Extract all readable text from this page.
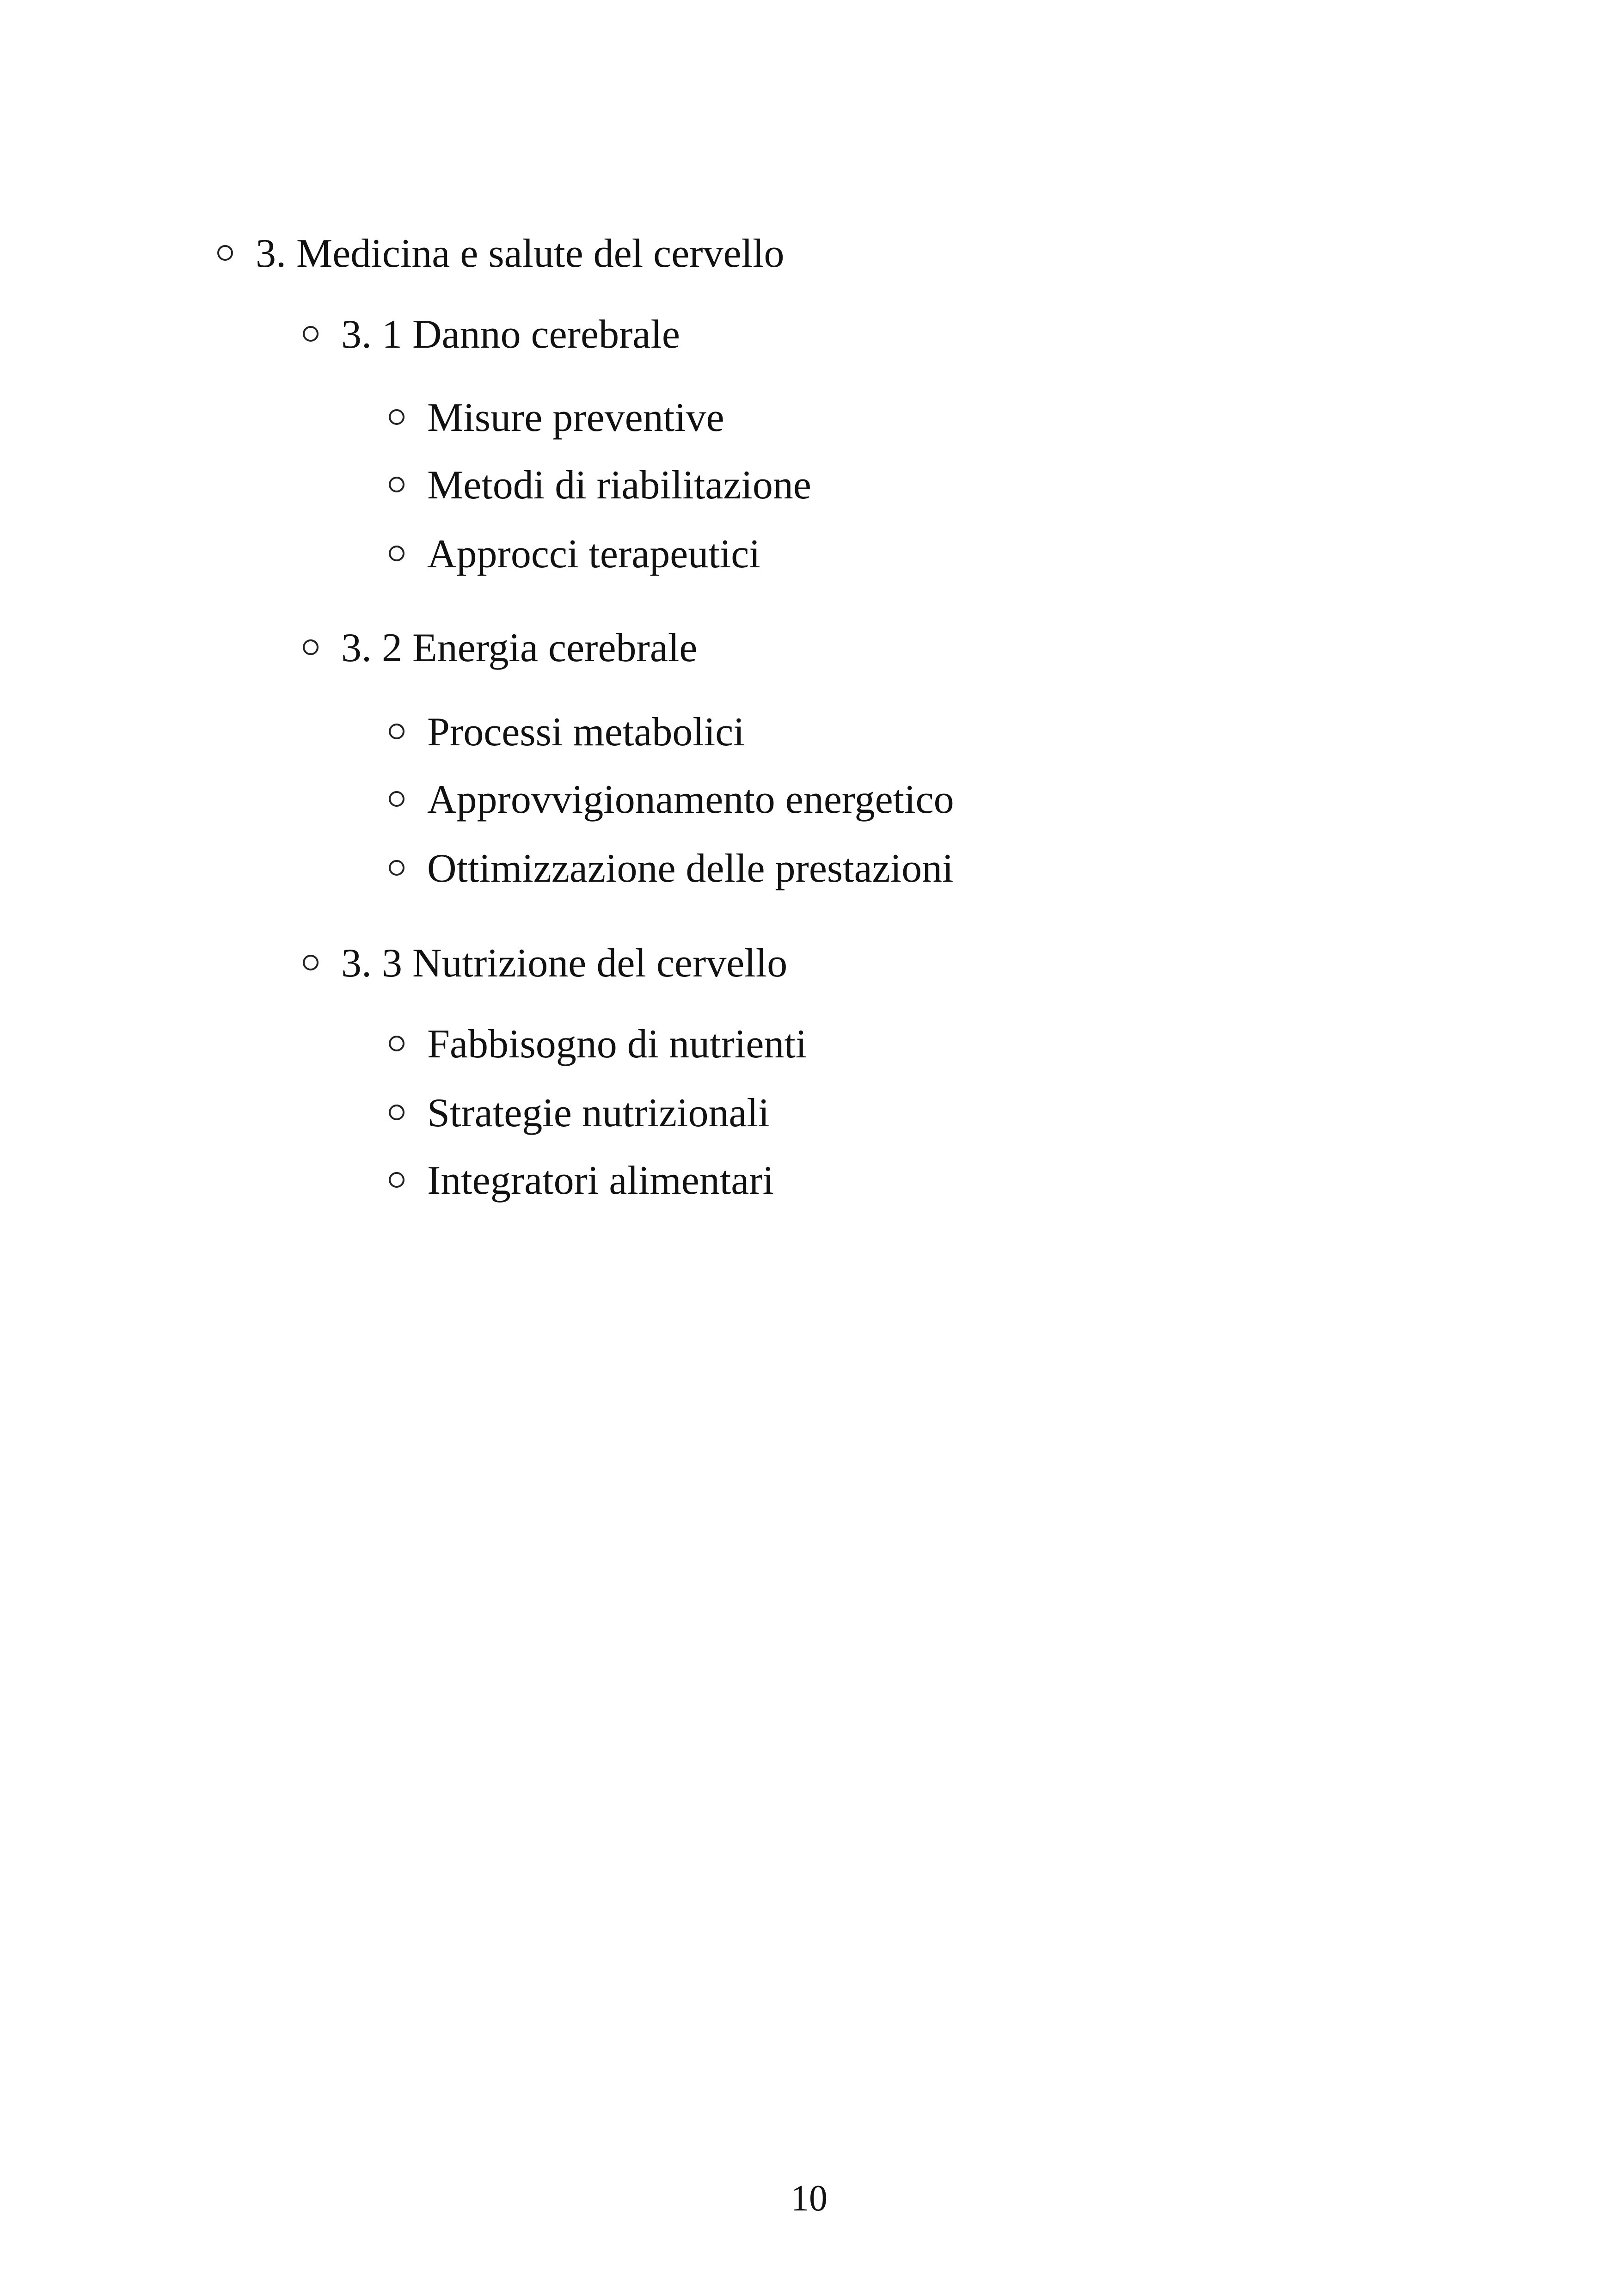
3. Medicina e salute del cervello
3. 1 Danno cerebrale
Misure preventive
Metodi di riabilitazione
Approcci terapeutici
3. 2 Energia cerebrale
Processi metabolici
Approvvigionamento energetico
Ottimizzazione delle prestazioni
3. 3 Nutrizione del cervello
Fabbisogno di nutrienti
Strategie nutrizionali
Integratori alimentari
10
